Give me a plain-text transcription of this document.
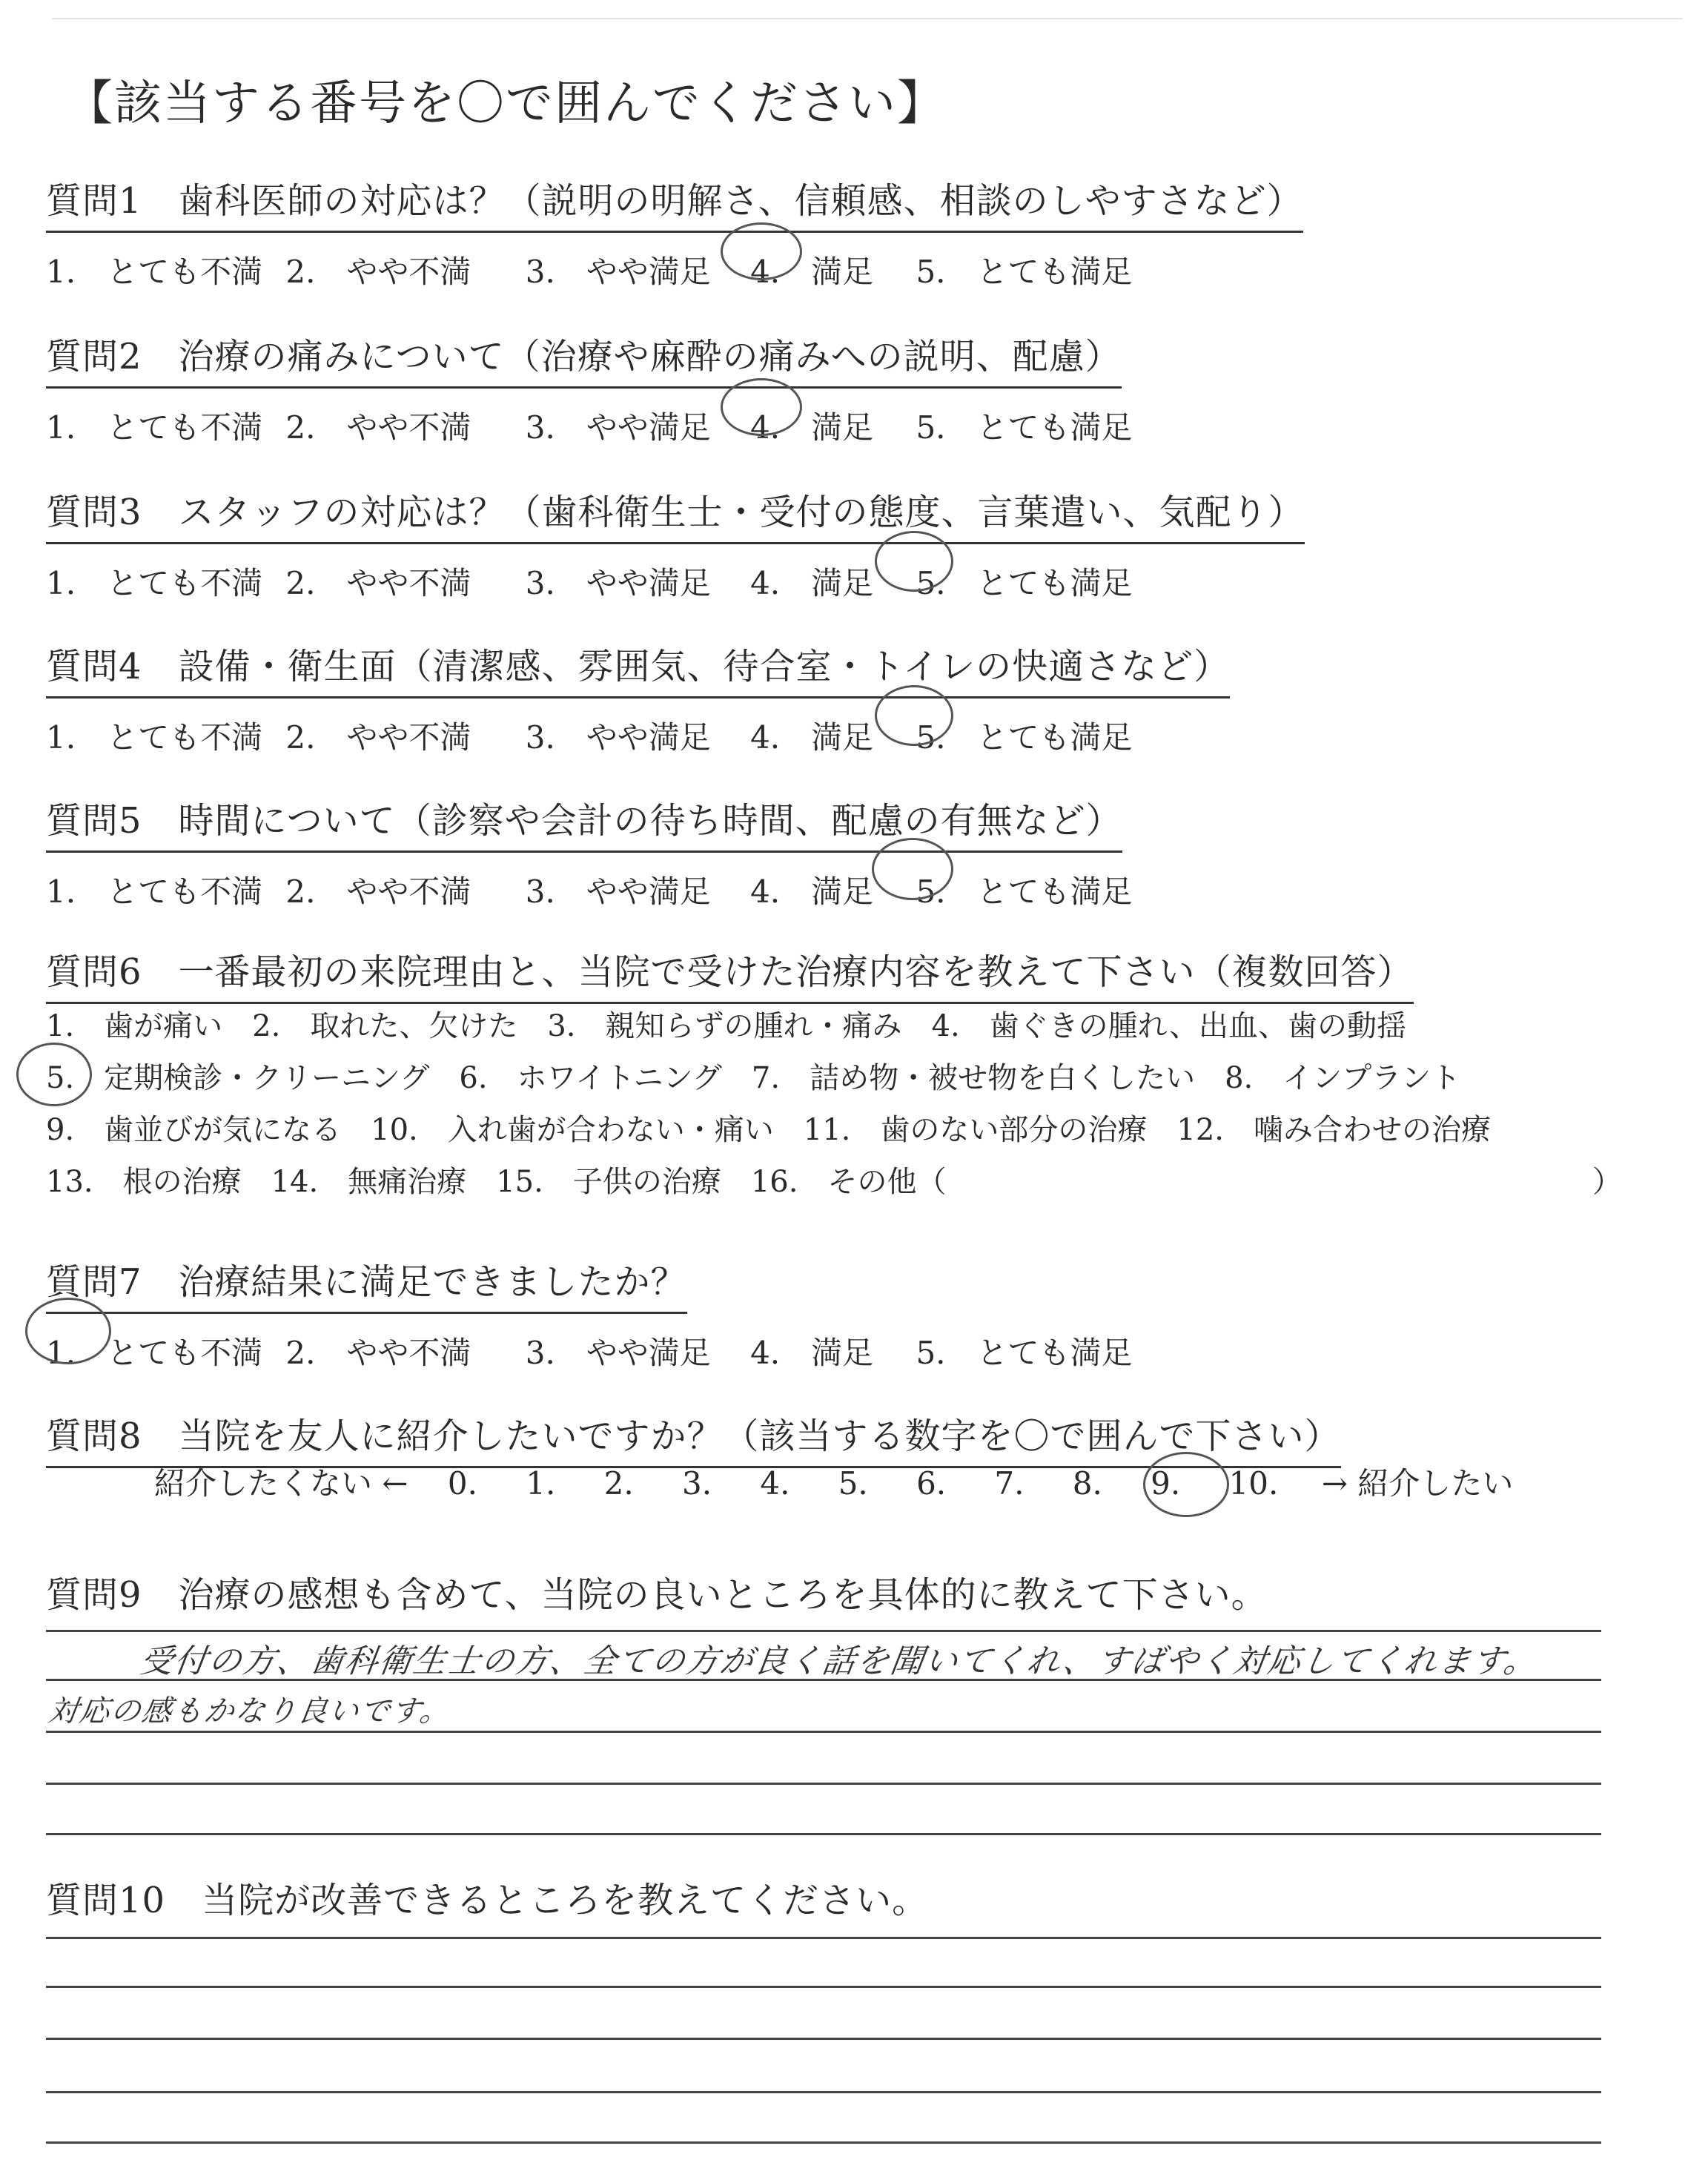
【該当する番号を〇で囲んでください】
質問1　歯科医師の対応は？（説明の明解さ、信頼感、相談のしやすさなど）
1.　とても不満 2.　やや不満 3.　やや満足 4.　満足 5.　とても満足
質問2　治療の痛みについて（治療や麻酔の痛みへの説明、配慮）
1.　とても不満 2.　やや不満 3.　やや満足 4.　満足 5.　とても満足
質問3　スタッフの対応は？（歯科衛生士・受付の態度、言葉遣い、気配り）
1.　とても不満 2.　やや不満 3.　やや満足 4.　満足 5.　とても満足
質問4　設備・衛生面（清潔感、雰囲気、待合室・トイレの快適さなど）
1.　とても不満 2.　やや不満 3.　やや満足 4.　満足 5.　とても満足
質問5　時間について（診察や会計の待ち時間、配慮の有無など）
1.　とても不満 2.　やや不満 3.　やや満足 4.　満足 5.　とても満足
質問6　一番最初の来院理由と、当院で受けた治療内容を教えて下さい（複数回答）
1.　歯が痛い　2.　取れた、欠けた　3.　親知らずの腫れ・痛み　4.　歯ぐきの腫れ、出血、歯の動揺
5.　定期検診・クリーニング　6.　ホワイトニング　7.　詰め物・被せ物を白くしたい　8.　インプラント
9.　歯並びが気になる　10.　入れ歯が合わない・痛い　11.　歯のない部分の治療　12.　噛み合わせの治療
13.　根の治療　14.　無痛治療　15.　子供の治療　16.　その他（	）
質問7　治療結果に満足できましたか？
1.　とても不満 2.　やや不満 3.　やや満足 4.　満足 5.　とても満足
質問8　当院を友人に紹介したいですか？（該当する数字を〇で囲んで下さい）
紹介したくない ← 0. 1. 2. 3. 4. 5. 6. 7. 8. 9. 10. → 紹介したい
質問9　治療の感想も含めて、当院の良いところを具体的に教えて下さい。
受付の方、歯科衛生士の方、全ての方が良く話を聞いてくれ、すばやく対応してくれます。
対応の感もかなり良いです。
質問10　当院が改善できるところを教えてください。
